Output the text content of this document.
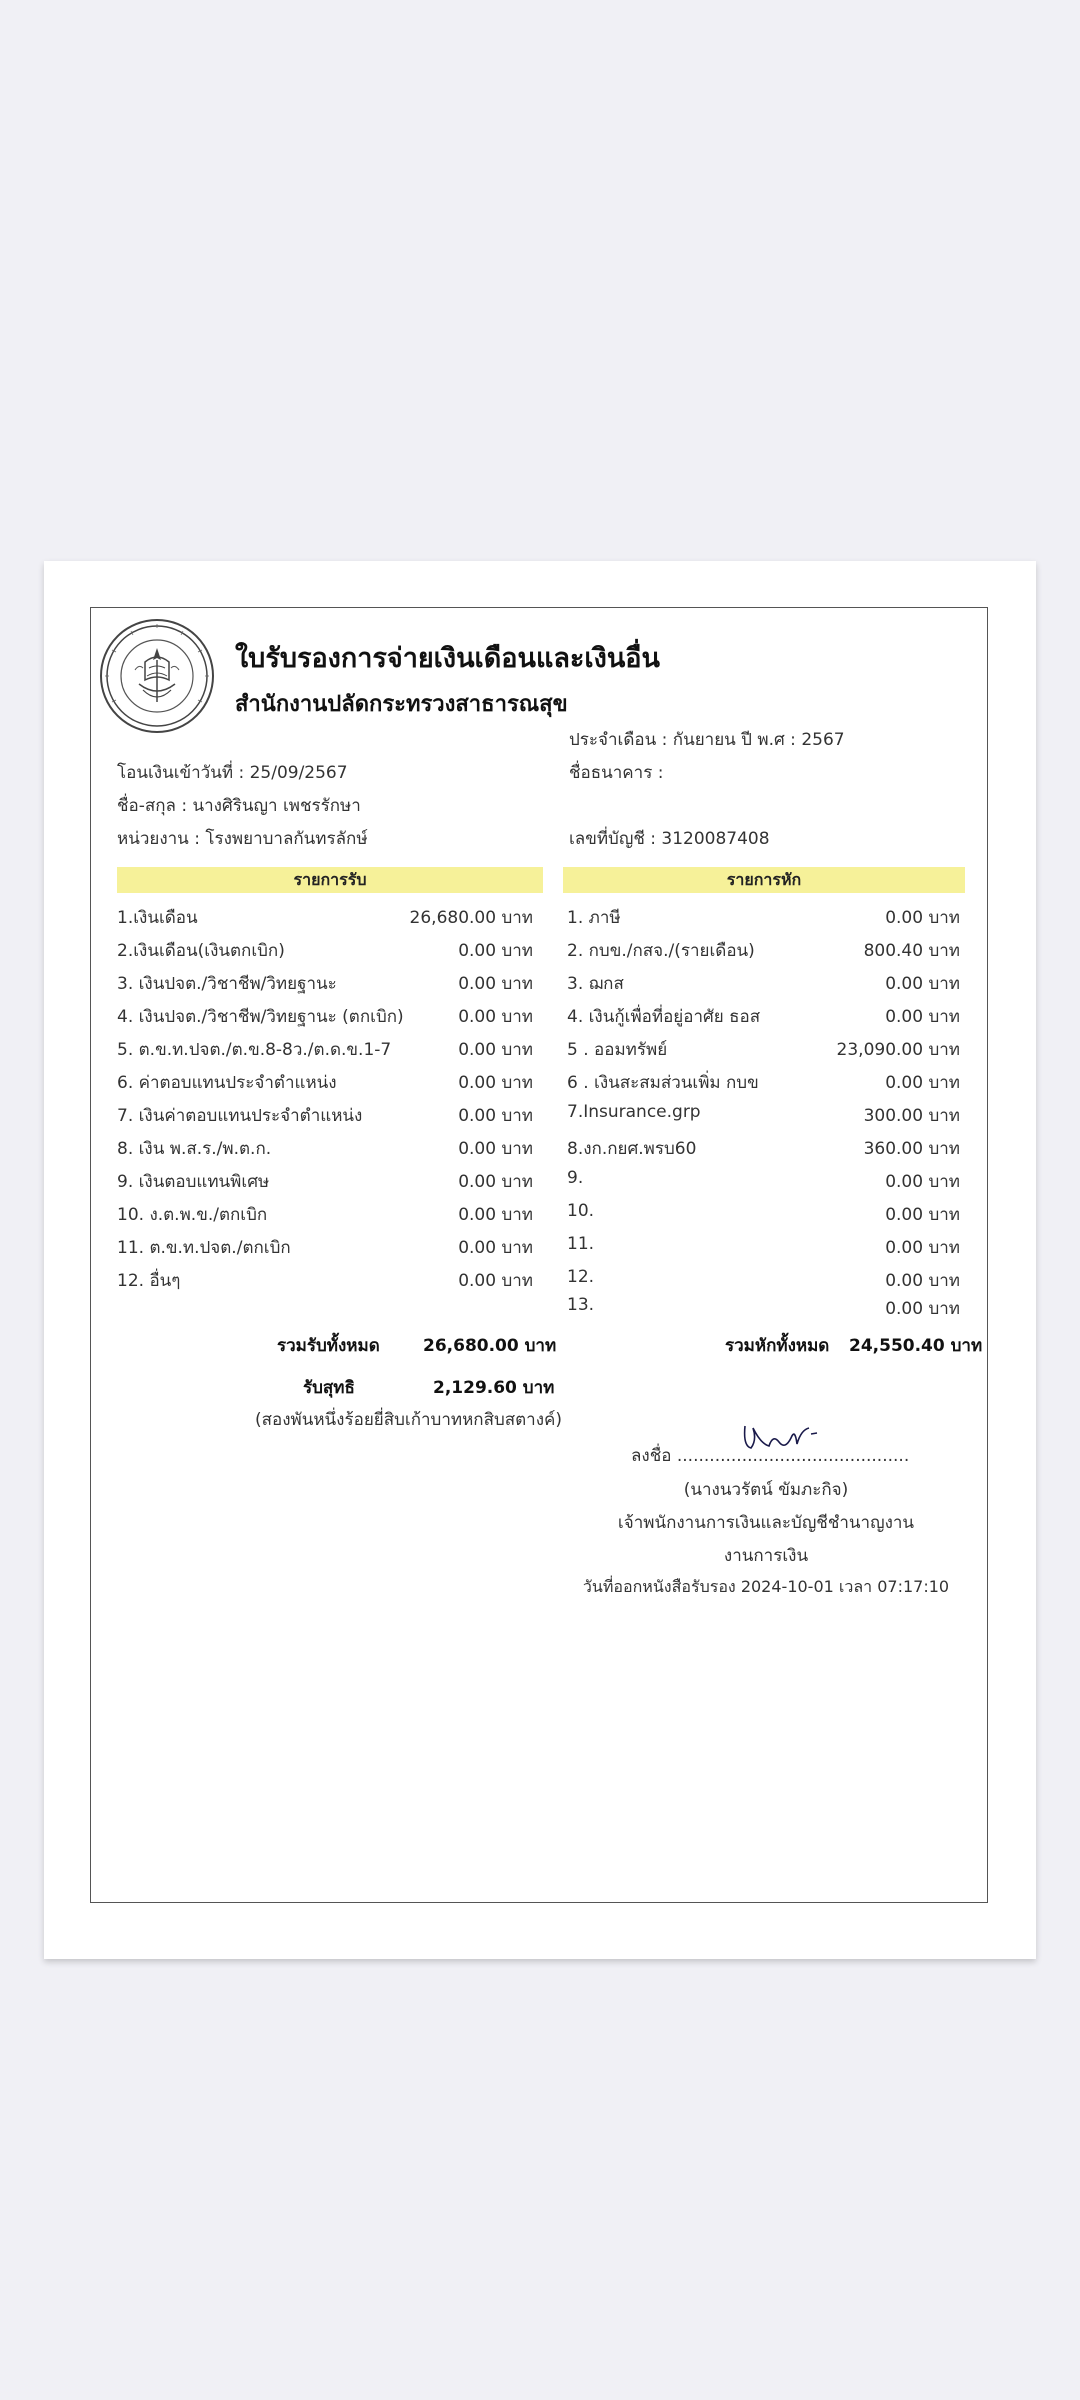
ใบรับรองการจ่ายเงินเดือนและเงินอื่น
สำนักงานปลัดกระทรวงสาธารณสุข
ประจำเดือน : กันยายน ปี พ.ศ : 2567
โอนเงินเข้าวันที่ : 25/09/2567	ชื่อธนาคาร :
ชื่อ-สกุล : นางศิรินญา เพชรรักษา
หน่วยงาน : โรงพยาบาลกันทรลักษ์	เลขที่บัญชี : 3120087408
รายการรับ	รายการหัก
1.เงินเดือน	26,680.00 บาท
2.เงินเดือน(เงินตกเบิก)	0.00 บาท
3. เงินปจต./วิชาชีพ/วิทยฐานะ	0.00 บาท
4. เงินปจต./วิชาชีพ/วิทยฐานะ (ตกเบิก)	0.00 บาท
5. ต.ข.ท.ปจต./ต.ข.8-8ว./ต.ด.ข.1-7	0.00 บาท
6. ค่าตอบแทนประจำตำแหน่ง	0.00 บาท
7. เงินค่าตอบแทนประจำตำแหน่ง	0.00 บาท
8. เงิน พ.ส.ร./พ.ต.ก.	0.00 บาท
9. เงินตอบแทนพิเศษ	0.00 บาท
10. ง.ต.พ.ข./ตกเบิก	0.00 บาท
11. ต.ข.ท.ปจต./ตกเบิก	0.00 บาท
12. อื่นๆ	0.00 บาท
1. ภาษี	0.00 บาท
2. กบข./กสจ./(รายเดือน)	800.40 บาท
3. ฌกส	0.00 บาท
4. เงินกู้เพื่อที่อยู่อาศัย ธอส	0.00 บาท
5 . ออมทรัพย์	23,090.00 บาท
6 . เงินสะสมส่วนเพิ่ม กบข	0.00 บาท
7.Insurance.grp	300.00 บาท
8.งก.กยศ.พรบ60	360.00 บาท
9.	0.00 บาท
10.	0.00 บาท
11.	0.00 บาท
12.	0.00 บาท
13.	0.00 บาท
รวมรับทั้งหมด	26,680.00 บาท	รวมหักทั้งหมด 24,550.40 บาท
รับสุทธิ	2,129.60 บาท
(สองพันหนึ่งร้อยยี่สิบเก้าบาทหกสิบสตางค์)
ลงชื่อ ...........................................
(นางนวรัตน์ ขัมภะกิจ)
เจ้าพนักงานการเงินและบัญชีชำนาญงาน
งานการเงิน
วันที่ออกหนังสือรับรอง 2024-10-01 เวลา 07:17:10
